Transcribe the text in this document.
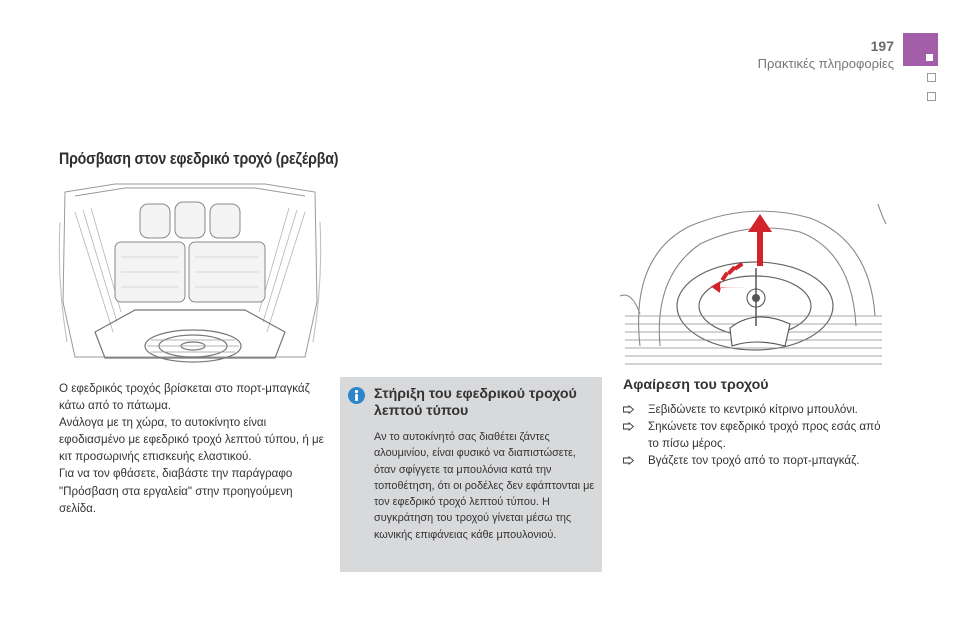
197
Πρακτικές πληροφορίες
Πρόσβαση στον εφεδρικό τροχό (ρεζέρβα)

Ο εφεδρικός τροχός βρίσκεται στο πορτ-μπαγκάζ κάτω από το πάτωμα.

Ανάλογα με τη χώρα, το αυτοκίνητο είναι εφοδιασμένο με εφεδρικό τροχό λεπτού τύπου, ή με κιτ προσωρινής επισκευής ελαστικού.

Για να τον φθάσετε, διαβάστε την παράγραφο "Πρόσβαση στα εργαλεία" στην προηγούμενη σελίδα.

Στήριξη του εφεδρικού τροχού λεπτού τύπου
Αν το αυτοκίνητό σας διαθέτει ζάντες αλουμινίου, είναι φυσικό να διαπιστώσετε, όταν σφίγγετε τα μπουλόνια κατά την τοποθέτηση, ότι οι ροδέλες δεν εφάπτονται με τον εφεδρικό τροχό λεπτού τύπου. Η συγκράτηση του τροχού γίνεται μέσω της κωνικής επιφάνειας κάθε μπουλονιού.
Αφαίρεση του τροχού
Ξεβιδώνετε το κεντρικό κίτρινο μπουλόνι.
Σηκώνετε τον εφεδρικό τροχό προς εσάς από το πίσω μέρος.
Βγάζετε τον τροχό από το πορτ-μπαγκάζ.
